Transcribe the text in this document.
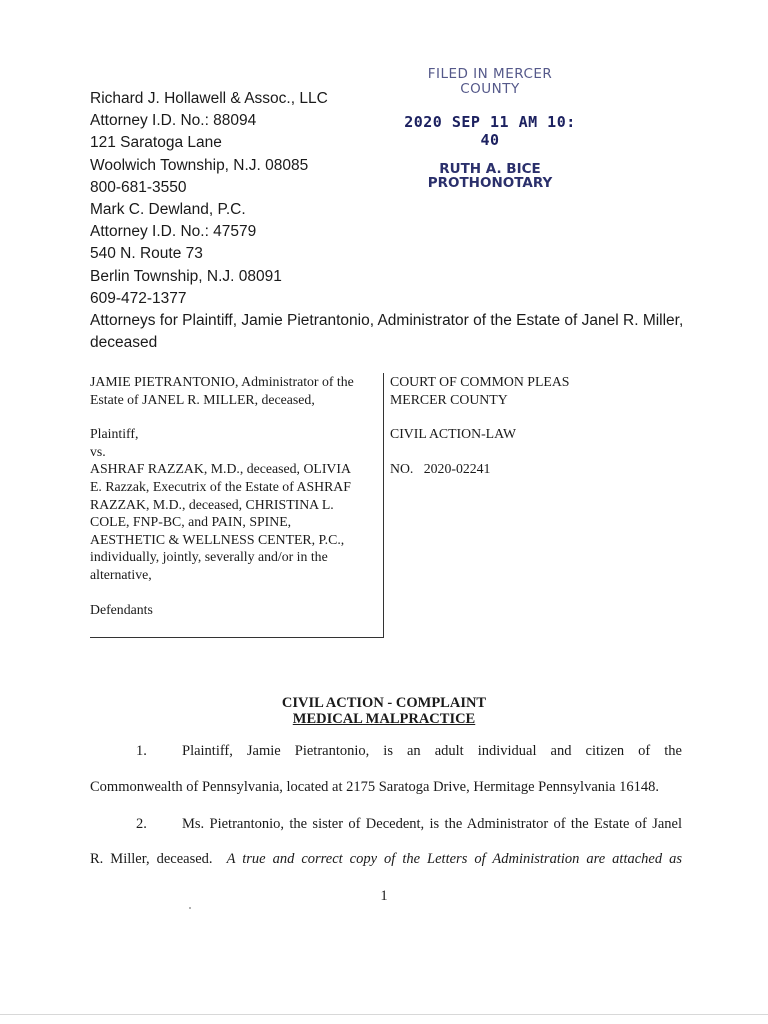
Richard J. Hollawell & Assoc., LLC
Attorney I.D. No.: 88094
121 Saratoga Lane
Woolwich Township, N.J. 08085
800-681-3550
Mark C. Dewland, P.C.
Attorney I.D. No.: 47579
540 N. Route 73
Berlin Township, N.J. 08091
609-472-1377
Attorneys for Plaintiff, Jamie Pietrantonio, Administrator of the Estate of Janel R. Miller, deceased
FILED IN MERCER
COUNTY
2020 SEP 11 AM 10: 40
RUTH A. BICE
PROTHONOTARY
JAMIE PIETRANTONIO, Administrator of the
Estate of JANEL R. MILLER, deceased,
Plaintiff,
vs.
ASHRAF RAZZAK, M.D., deceased, OLIVIA
E. Razzak, Executrix of the Estate of ASHRAF
RAZZAK, M.D., deceased, CHRISTINA L.
COLE, FNP-BC, and PAIN, SPINE,
AESTHETIC & WELLNESS CENTER, P.C.,
individually, jointly, severally and/or in the
alternative,
Defendants
COURT OF COMMON PLEAS
MERCER COUNTY
CIVIL ACTION-LAW
NO. 2020-02241
CIVIL ACTION - COMPLAINT
MEDICAL MALPRACTICE
1. Plaintiff, Jamie Pietrantonio, is an adult individual and citizen of the
Commonwealth of Pennsylvania, located at 2175 Saratoga Drive, Hermitage Pennsylvania 16148.
2. Ms. Pietrantonio, the sister of Decedent, is the Administrator of the Estate of Janel
R. Miller, deceased. A true and correct copy of the Letters of Administration are attached as
1
